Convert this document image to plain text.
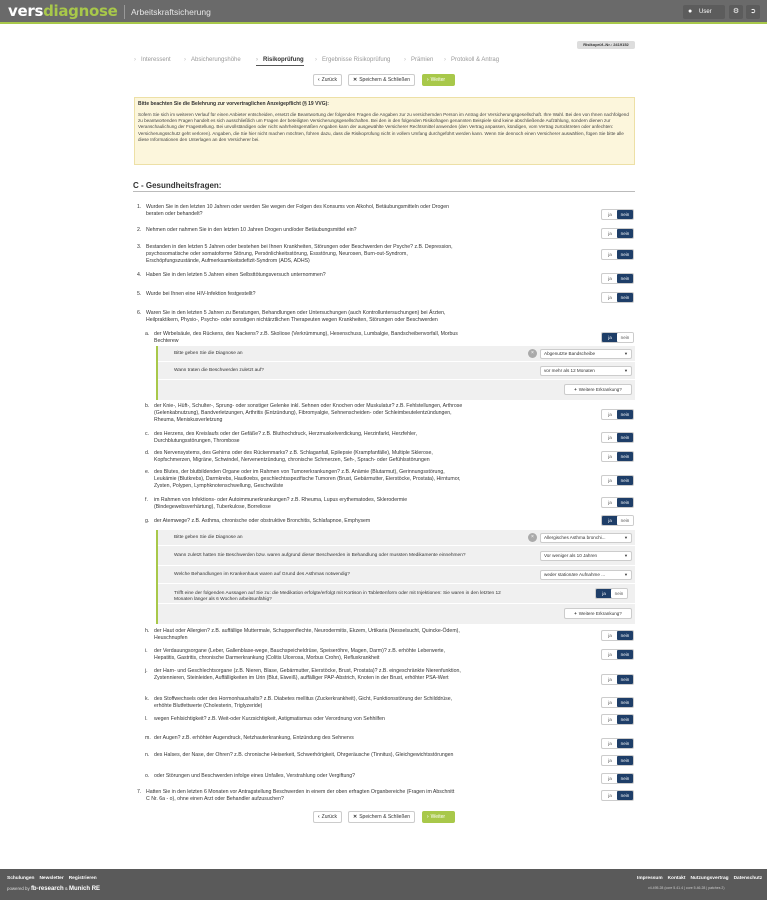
versdiagnose Arbeitskraftsicherung	● User	⚙	➲
Risikoprüf.-Nr.: 2419152
› Interessent › Absicherungshöhe	› Risikoprüfung › Ergebnisse Risikoprüfung › Prämien › Protokoll & Antrag
‹ Zurück	✕ Speichern & Schließen	› Weiter
Bitte beachten Sie die Belehrung zur vorvertraglichen Anzeigepflicht (§ 19 VVG):
Sofern Sie sich im weiteren Verlauf für einen Anbieter entscheiden, ersetzt die Beantwortung der folgenden Fragen die Angaben zur zu versichernden Person im Antrag der Versicherungsgesellschaft. Ihre Wahl. Bei den von Ihnen nachfolgend zu beantwortenden Fragen handelt es sich ausschließlich um Fragen der beteiligten Versicherungsgesellschaften. Bei den in den folgenden Risikofragen genannten Beispiele sind keine abschließende Aufzählung, sondern dienen zur Veranschaulichung der Fragestellung. Bei unvollständigen oder nicht wahrheitsgemäßen Angaben kann der ausgewählte Versicherer Rechtsmittel anwenden (den Vertrag anpassen, kündigen, vom Vertrag zurücktreten oder anfechten: Versicherungsschutz geht verloren). Angaben, die Sie hier nicht machen möchten, führen dazu, dass die Risikoprüfung nicht in vollem Umfang durchgeführt werden kann. Wenn Sie dennoch einen Versicherer auswählen, fügen Sie bitte alle diese Informationen den Unterlagen an den Versicherer bei.
C - Gesundheitsfragen:
1. Wurden Sie in den letzten 10 Jahren oder werden Sie wegen der Folgen des Konsums von Alkohol, Betäubungsmitteln oder Drogen beraten oder behandelt?	ja	nein
2. Nehmen oder nahmen Sie in den letzten 10 Jahren Drogen und/oder Betäubungsmittel ein?
ja	nein
3. Bestanden in den letzten 5 Jahren oder bestehen bei Ihnen Krankheiten, Störungen oder Beschwerden der Psyche? z.B. Depression, psychosomatische oder somatoforme Störung, Persönlichkeitsstörung, Essstörung, Neurosen, Burn-out-Syndrom, Erschöpfungszustände, Aufmerksamkeitsdefizit-Syndrom (ADS, ADHS)
ja	nein
4. Haben Sie in den letzten 5 Jahren einen Selbsttötungsversuch unternommen?
ja	nein
5. Wurde bei Ihnen eine HIV-Infektion festgestellt?
ja	nein
6. Waren Sie in den letzten 5 Jahren zu Beratungen, Behandlungen oder Untersuchungen (auch Kontrolluntersuchungen) bei Ärzten, Heilpraktikern, Physio-, Psycho- oder sonstigen nichtärztlichen Therapeuten wegen Krankheiten, Störungen oder Beschwerden
a. der Wirbelsäule, des Rückens, des Nackens? z.B. Skoliose (Verkrümmung), Hexenschuss, Lumbalgie, Bandscheibenvorfall, Morbus Bechterew
ja	nein
b. der Knie-, Hüft-, Schulter-, Sprung- oder sonstiger Gelenke inkl. Sehnen oder Knochen oder Muskulatur? z.B. Fehlstellungen, Arthrose (Gelenkabnutzung), Bandverletzungen, Arthritis (Entzündung), Fibromyalgie, Sehnenscheiden- oder Schleimbeutelentzündungen, Rheuma, Meniskusverletzung
ja	nein
c. des Herzens, des Kreislaufs oder der Gefäße? z.B. Bluthochdruck, Herzmuskelverdickung, Herzinfarkt, Herzfehler, Durchblutungsstörungen, Thrombose
ja	nein
d. des Nervensystems, des Gehirns oder des Rückenmarks? z.B. Schlaganfall, Epilepsie (Krampfanfälle), Multiple Sklerose, Kopfschmerzen, Migräne, Schwindel, Nervenentzündung, chronische Schmerzen, Seh-, Sprach- oder Gefühlsstörungen
ja	nein
e. des Blutes, der blutbildenden Organe oder im Rahmen von Tumorerkrankungen? z.B. Anämie (Blutarmut), Gerinnungsstörung, Leukämie (Blutkrebs), Darmkrebs, Hautkrebs, geschlechtsspezifische Tumoren (Brust, Gebärmutter, Eierstöcke, Prostata), Hirntumor, Zysten, Polypen, Lymphknotenschwellung, Geschwülste
ja	nein
f. im Rahmen von Infektions- oder Autoimmunerkrankungen? z.B. Rheuma, Lupus erythematodes, Sklerodermie (Bindegewebsverhärtung), Tuberkulose, Borreliose
ja	nein
g. der Atemwege? z.B. Asthma, chronische oder obstruktive Bronchitis, Schlafapnoe, Emphysem	ja	nein
h. der Haut oder Allergien? z.B. auffällige Muttermale, Schuppenflechte, Neurodermitis, Ekzem, Urtikaria (Nesselsucht, Quincke-Ödem), Heuschnupfen	ja	nein
i. der Verdauungsorgane (Leber, Gallenblase-wege, Bauchspeicheldrüse, Speiseröhre, Magen, Darm)? z.B. erhöhte Leberwerte, Hepatitis, Gastritis, chronische Darmerkrankung (Colitis Ulcerosa, Morbus Crohn), Refluxkrankheit
ja	nein
j. der Harn- und Geschlechtsorgane (z.B. Nieren, Blase, Gebärmutter, Eierstöcke, Brust, Prostata)? z.B. eingeschränkte Nierenfunktion, Zystennieren, Steinleiden, Auffälligkeiten im Urin (Blut, Eiweiß), auffälliger PAP-Abstrich, Knoten in der Brust, erhöhter PSA-Wert	ja	nein
k. des Stoffwechsels oder des Hormonhaushalts? z.B. Diabetes mellitus (Zuckerkrankheit), Gicht, Funktionsstörung der Schilddrüse, erhöhte Blutfettwerte (Cholesterin, Triglyzeride)
ja	nein
l. wegen Fehlsichtigkeit? z.B. Weit-oder Kurzsichtigkeit, Astigmatismus oder Verordnung von Sehhilfen	ja	nein
m. der Augen? z.B. erhöhter Augendruck, Netzhauterkrankung, Entzündung des Sehnervs
ja	nein
n. des Halses, der Nase, der Ohren? z.B. chronische Heiserkeit, Schwerhörigkeit, Ohrgeräusche (Tinnitus), Gleichgewichtsstörungen
ja	nein
o. oder Störungen und Beschwerden infolge eines Unfalles, Verstrahlung oder Vergiftung?	ja	nein
7. Hatten Sie in den letzten 6 Monaten vor Antragstellung Beschwerden in einem der oben erfragten Organbereiche (Fragen im Abschnitt C Nr. 6a - o), ohne einen Arzt oder Behandler aufzusuchen?
ja	nein
Bitte geben Sie die Diagnose an	×	Abgenutzte Bandscheibe	▼
Wann traten die Beschwerden zuletzt auf?	vor mehr als 12 Monaten	▼
+ Weitere Erkrankung?
Bitte geben Sie die Diagnose an	×	Allergisches Asthma bronchi...	▼
Wann zuletzt hatten Sie Beschwerden bzw. waren aufgrund dieser Beschwerden in Behandlung oder mussten Medikamente einnehmen?	Vor weniger als 10 Jahren	▼
Welche Behandlungen im Krankenhaus waren auf Grund des Asthmas notwendig?	weder stationäre Aufnahme ...	▼
Trifft eine der folgenden Aussagen auf Sie zu: die Medikation erfolgte/erfolgt mit Kortison in Tablettenform oder mit Injektionen: Sie waren in den letzten 12 Monaten länger als 6 Wochen arbeitsunfähig?
ja	nein
+ Weitere Erkrankung?
‹ Zurück	✕ Speichern & Schließen	› Weiter
Schulungen Newsletter Registrieren
powered by fb-research & Munich RE
Impressum Kontakt Nutzungsvertrag Datenschutz
v4.495.28 (core 5.41.4 | core 5.46.28 | patches 2)
